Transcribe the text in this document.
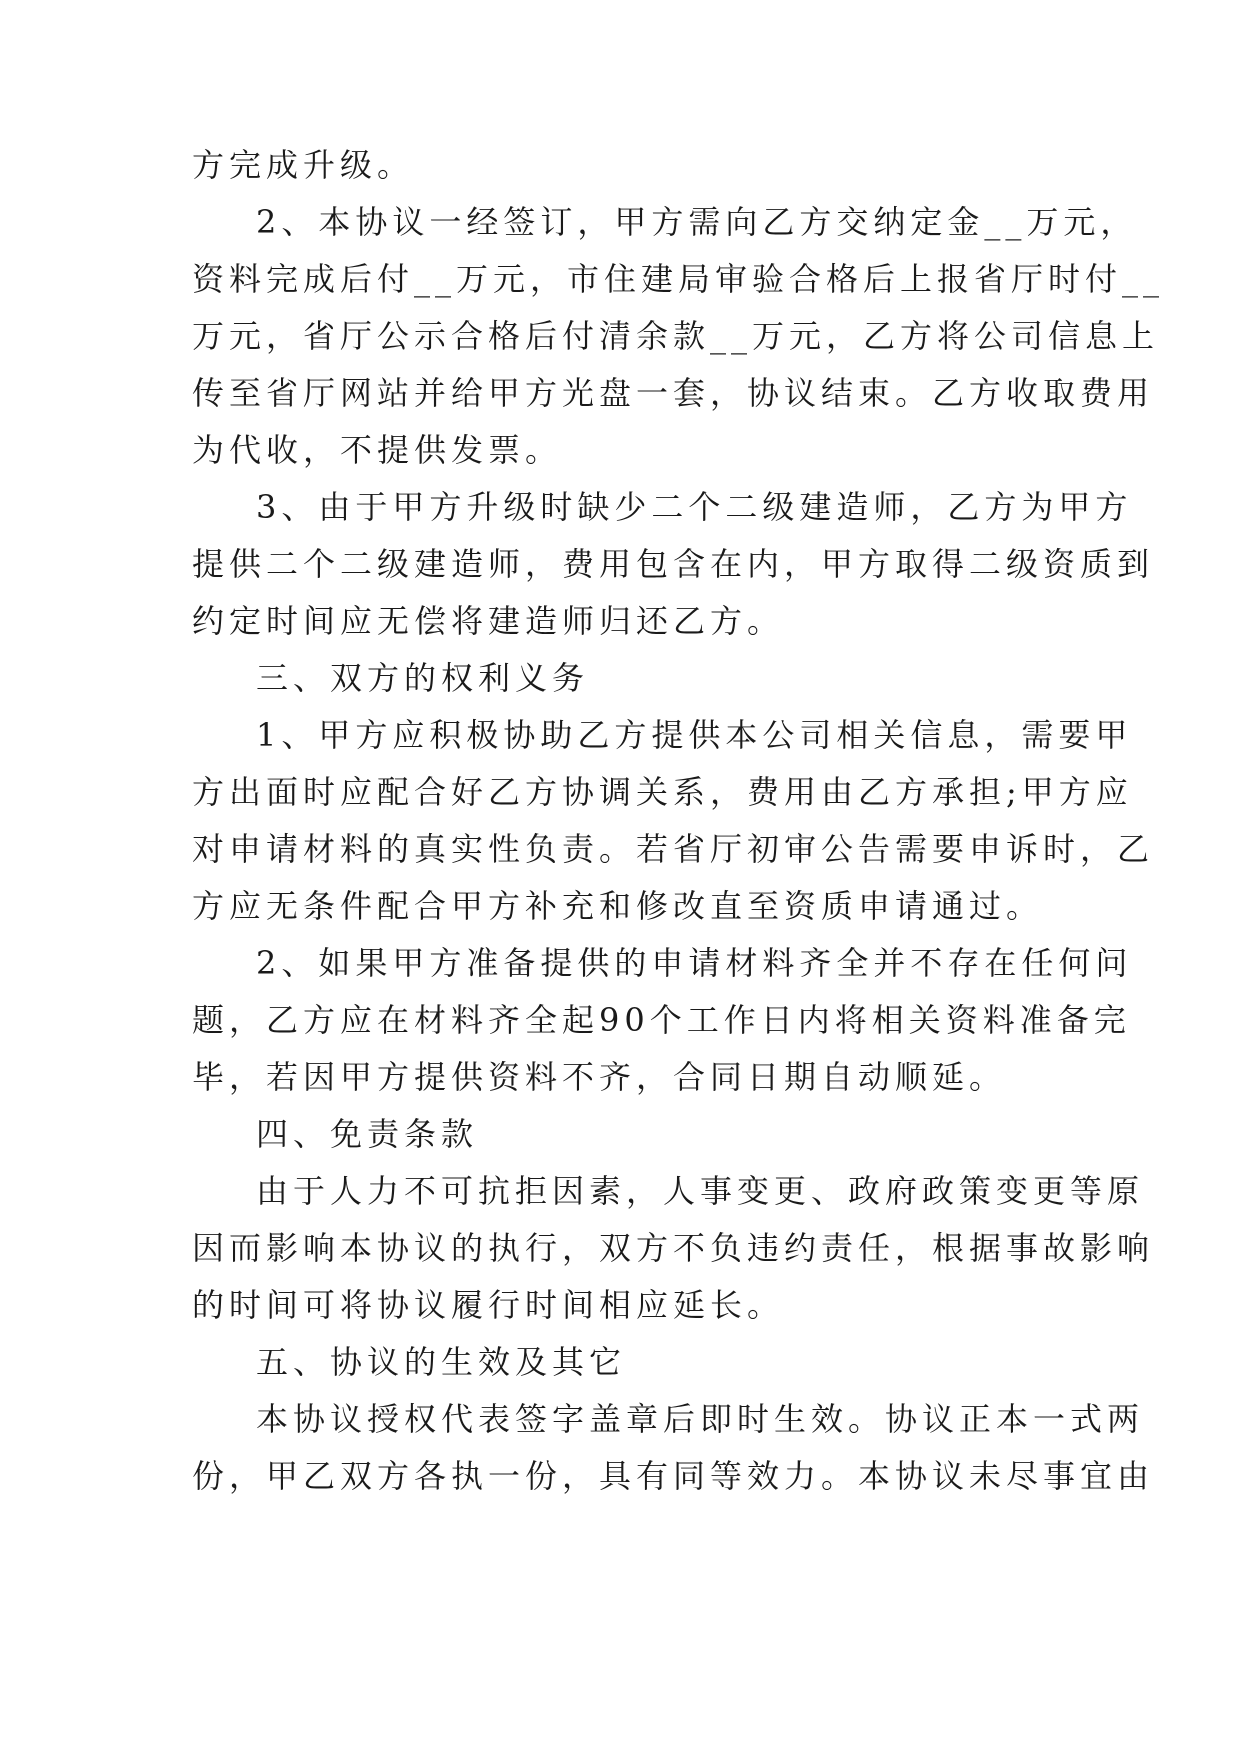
方完成升级。
2、本协议一经签订，甲方需向乙方交纳定金__万元，
资料完成后付__万元，市住建局审验合格后上报省厅时付__
万元，省厅公示合格后付清余款__万元，乙方将公司信息上
传至省厅网站并给甲方光盘一套，协议结束。乙方收取费用
为代收，不提供发票。
3、由于甲方升级时缺少二个二级建造师，乙方为甲方
提供二个二级建造师，费用包含在内，甲方取得二级资质到
约定时间应无偿将建造师归还乙方。
三、双方的权利义务
1、甲方应积极协助乙方提供本公司相关信息，需要甲
方出面时应配合好乙方协调关系，费用由乙方承担;甲方应
对申请材料的真实性负责。若省厅初审公告需要申诉时，乙
方应无条件配合甲方补充和修改直至资质申请通过。
2、如果甲方准备提供的申请材料齐全并不存在任何问
题，乙方应在材料齐全起90个工作日内将相关资料准备完
毕，若因甲方提供资料不齐，合同日期自动顺延。
四、免责条款
由于人力不可抗拒因素，人事变更、政府政策变更等原
因而影响本协议的执行，双方不负违约责任，根据事故影响
的时间可将协议履行时间相应延长。
五、协议的生效及其它
本协议授权代表签字盖章后即时生效。协议正本一式两
份，甲乙双方各执一份，具有同等效力。本协议未尽事宜由
